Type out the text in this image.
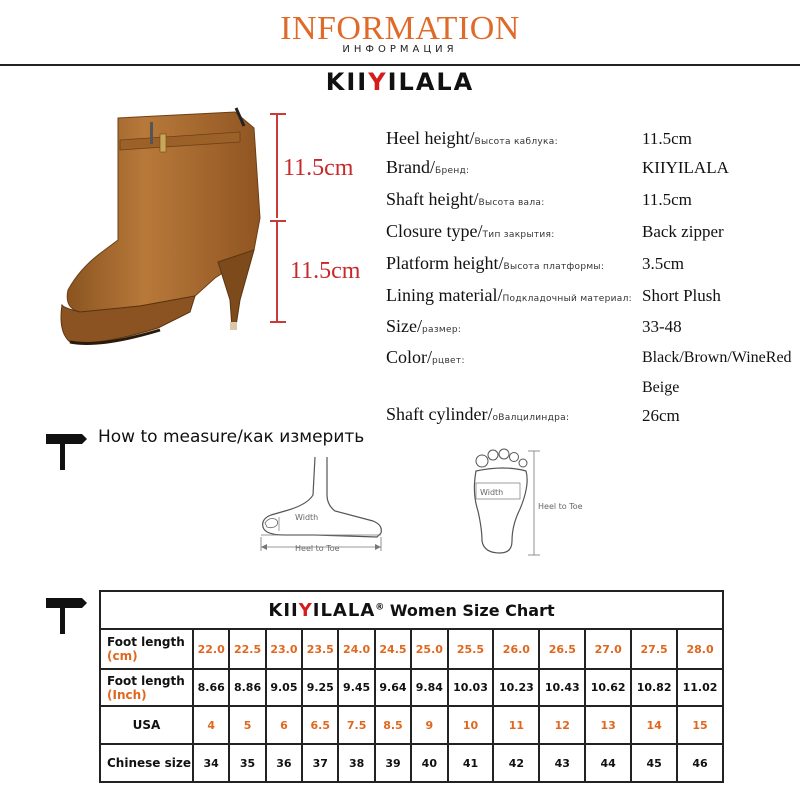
INFORMATION
ИНФОРМАЦИЯ
KIIYILALA
11.5cm
11.5cm
Heel height/Высота каблука:	11.5cm
Brand/Бренд:	KIIYILALA
Shaft height/Высота вала:	11.5cm
Closure type/Тип закрытия:	Back zipper
Platform height/Высота платформы: 3.5cm
Lining material/Подкладочный материал: Short Plush
Size/размер:	33-48
Color/рцвет:	Black/Brown/WineRed
Beige
Shaft cylinder/оВалцилиндра:	26cm
How to measure/как измерить
Width
Heel to Toe
Width
Heel to Toe
KIIYILALA® Women Size Chart													
Foot length
(cm)	22.0	22.5	23.0	23.5	24.0	24.5	25.0	25.5	26.0	26.5	27.0	27.5	28.0
Foot length
(Inch)	8.66	8.86	9.05	9.25	9.45	9.64	9.84	10.03	10.23	10.43	10.62	10.82	11.02
USA	4	5	6	6.5	7.5	8.5	9	10	11	12	13	14	15
Chinese size	34	35	36	37	38	39	40	41	42	43	44	45	46
